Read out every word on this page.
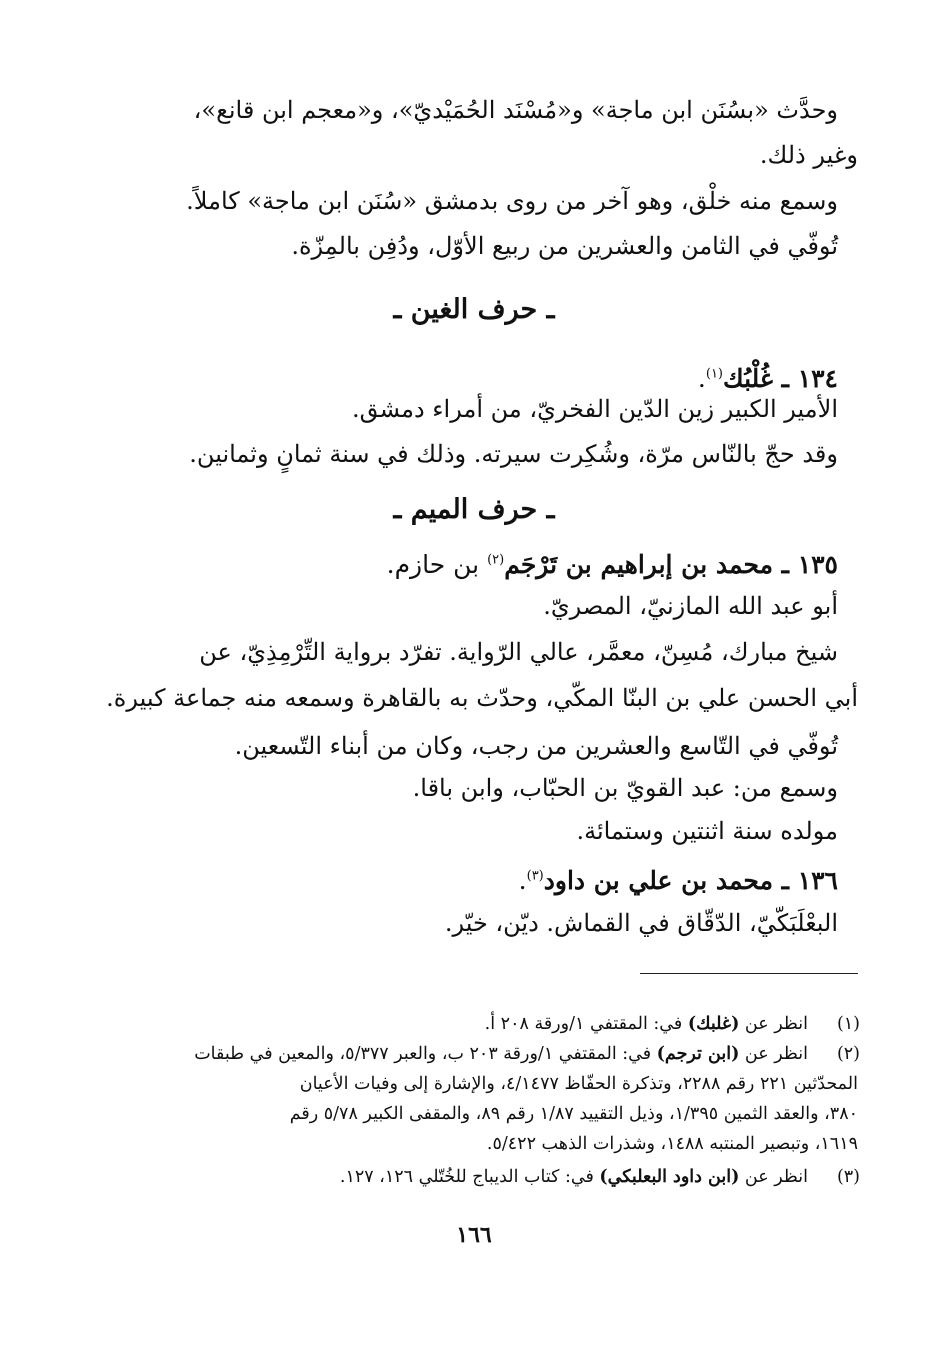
وحدَّث «بسُنَن ابن ماجة» و«مُسْنَد الحُمَيْديّ»، و«معجم ابن قانع»،
وغير ذلك.
وسمع منه خلْق، وهو آخر من روى بدمشق «سُنَن ابن ماجة» كاملاً.
تُوفّي في الثامن والعشرين من ربيع الأوّل، ودُفِن بالمِزّة.
ـ حرف الغين ـ
١٣٤ ـ غُلْبُك$^{(١)}$.
الأمير الكبير زين الدّين الفخريّ، من أمراء دمشق.
وقد حجّ بالنّاس مرّة، وشُكِرت سيرته. وذلك في سنة ثمانٍ وثمانين.
ـ حرف الميم ـ
١٣٥ ـ محمد بن إبراهيم بن تَرْجَم$^{(٢)}$ بن حازم.
أبو عبد الله المازنيّ، المصريّ.
شيخ مبارك، مُسِنّ، معمَّر، عالي الرّواية. تفرّد برواية التِّرْمِذِيّ، عن
أبي الحسن علي بن البنّا المكّي، وحدّث به بالقاهرة وسمعه منه جماعة كبيرة.
تُوفّي في التّاسع والعشرين من رجب، وكان من أبناء التّسعين.
وسمع من: عبد القويّ بن الحبّاب، وابن باقا.
مولده سنة اثنتين وستمائة.
١٣٦ ـ محمد بن علي بن داود$^{(٣)}$.
البعْلَبَكّيّ، الدّقّاق في القماش. ديّن، خيّر.
(١)
انظر عن (غلبك) في: المقتفي ١/ورقة ٢٠٨ أ.
(٢)
انظر عن (ابن ترجم) في: المقتفي ١/ورقة ٢٠٣ ب، والعبر ٥/٣٧٧، والمعين في طبقات
المحدّثين ٢٢١ رقم ٢٢٨٨، وتذكرة الحفّاظ ٤/١٤٧٧، والإشارة إلى وفيات الأعيان
٣٨٠، والعقد الثمين ١/٣٩٥، وذيل التقييد ١/٨٧ رقم ٨٩، والمقفى الكبير ٥/٧٨ رقم
١٦١٩، وتبصير المنتبه ١٤٨٨، وشذرات الذهب ٥/٤٢٢.
(٣)
انظر عن (ابن داود البعلبكي) في: كتاب الديباج للخُتّلي ١٢٦، ١٢٧.
١٦٦
